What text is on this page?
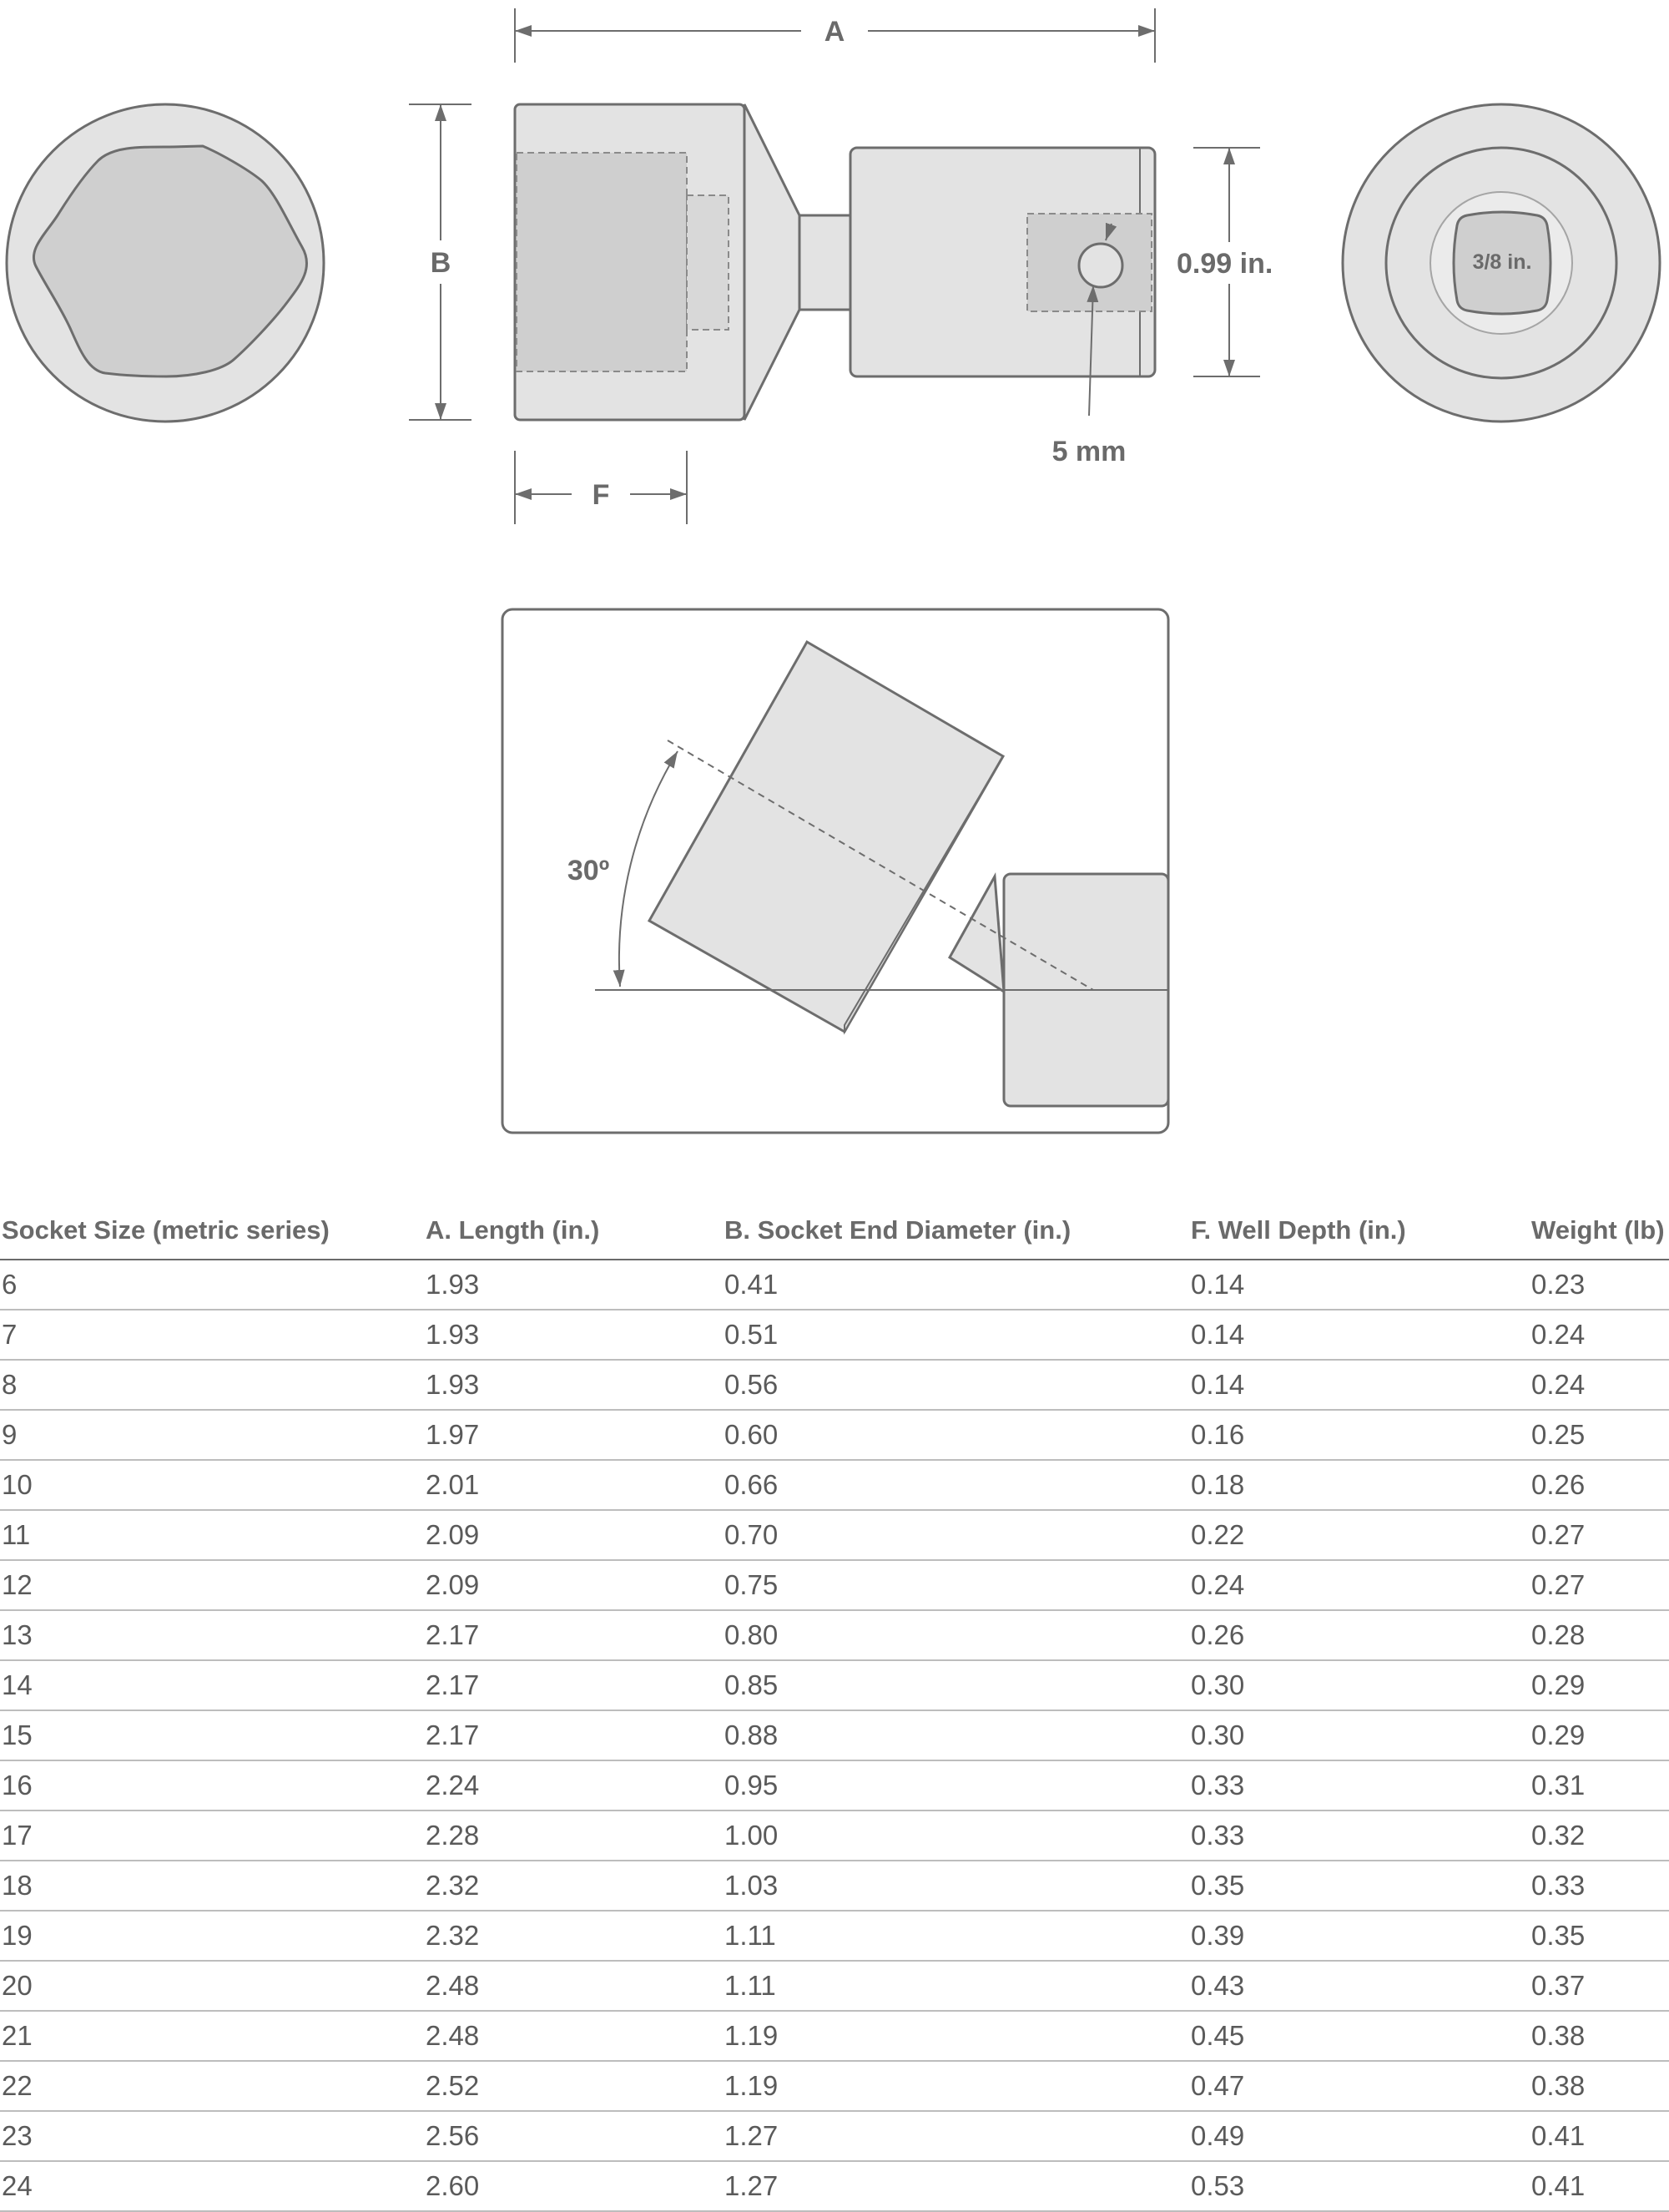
A
B
F
0.99 in.
5 mm
3/8 in.
30º
Socket Size (metric series)	A. Length (in.)	B. Socket End Diameter (in.)	F. Well Depth (in.)	Weight (lb)
6	1.93	0.41	0.14	0.23
7	1.93	0.51	0.14	0.24
8	1.93	0.56	0.14	0.24
9	1.97	0.60	0.16	0.25
10	2.01	0.66	0.18	0.26
11	2.09	0.70	0.22	0.27
12	2.09	0.75	0.24	0.27
13	2.17	0.80	0.26	0.28
14	2.17	0.85	0.30	0.29
15	2.17	0.88	0.30	0.29
16	2.24	0.95	0.33	0.31
17	2.28	1.00	0.33	0.32
18	2.32	1.03	0.35	0.33
19	2.32	1.11	0.39	0.35
20	2.48	1.11	0.43	0.37
21	2.48	1.19	0.45	0.38
22	2.52	1.19	0.47	0.38
23	2.56	1.27	0.49	0.41
24	2.60	1.27	0.53	0.41
